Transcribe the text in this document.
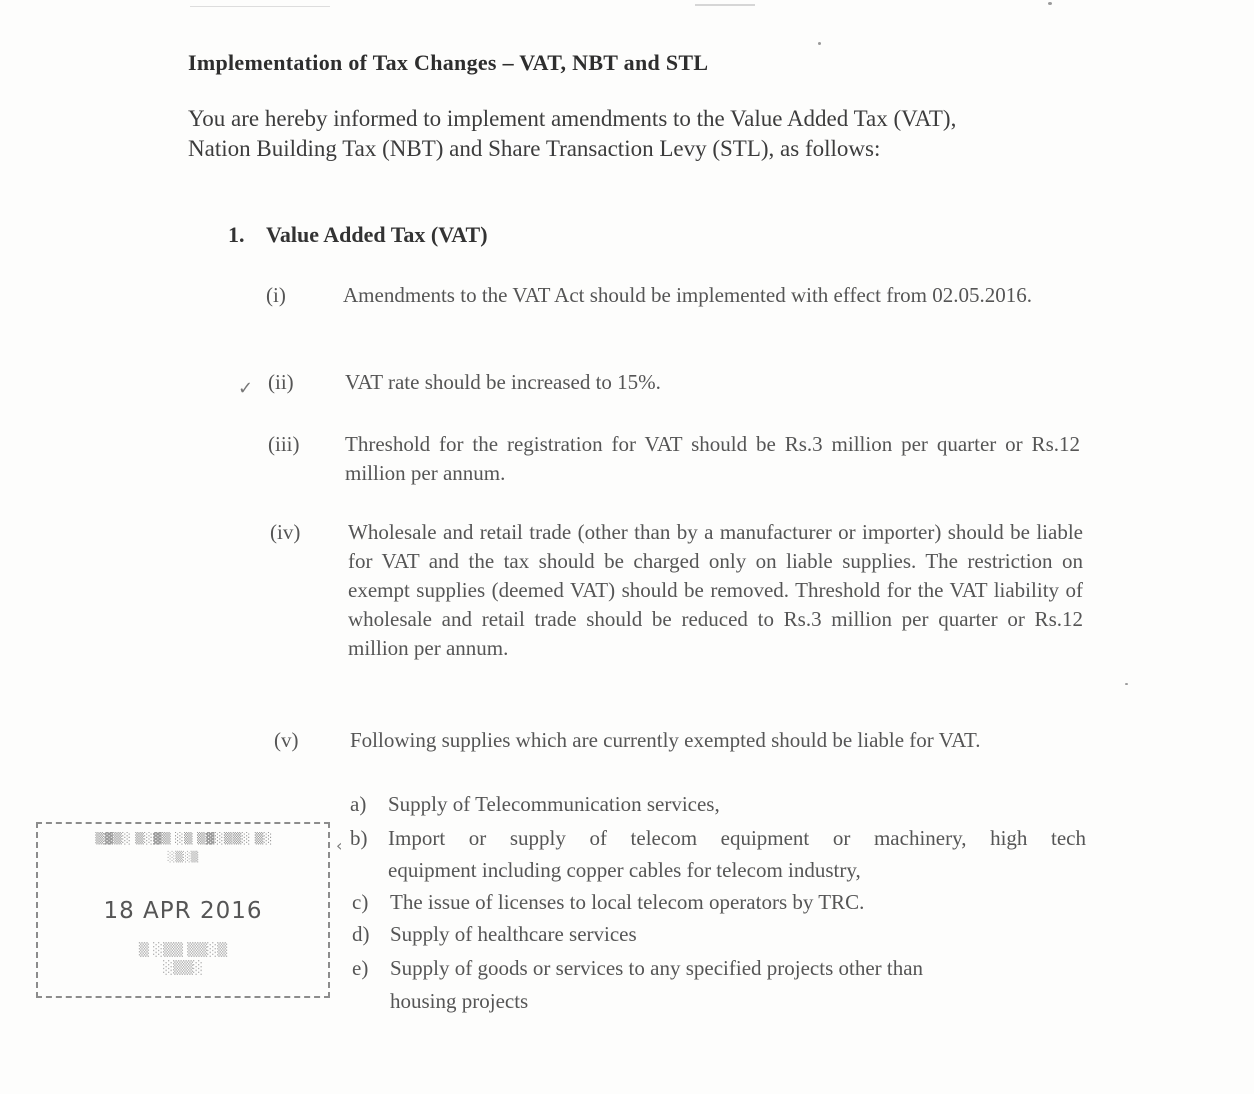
Implementation of Tax Changes – VAT, NBT and STL
You are hereby informed to implement amendments to the Value Added Tax (VAT),
Nation Building Tax (NBT) and Share Transaction Levy (STL), as follows:
1. Value Added Tax (VAT)
(i)	Amendments to the VAT Act should be implemented with effect from 02.05.2016.
✓ (ii) VAT rate should be increased to 15%.
(iii) Threshold for the registration for VAT should be Rs.3 million per quarter or Rs.12 million per annum.
(iv) Wholesale and retail trade (other than by a manufacturer or importer) should be liable for VAT and the tax should be charged only on liable supplies. The restriction on exempt supplies (deemed VAT) should be removed. Threshold for the VAT liability of wholesale and retail trade should be reduced to Rs.3 million per quarter or Rs.12 million per annum.
(v) Following supplies which are currently exempted should be liable for VAT.
a) Supply of Telecommunication services,
‹ b) Import or supply of telecom equipment or machinery, high tech
equipment including copper cables for telecom industry,
c) The issue of licenses to local telecom operators by TRC.
d) Supply of healthcare services
e) Supply of goods or services to any specified projects other than
housing projects
▒▓▒░ ▒░▓▒ ░▒ ▒▓░▒▒░ ▒░
░▒░▒
18 APR 2016
▒ ░▒▒ ▒▒░▒
░▒▒░
